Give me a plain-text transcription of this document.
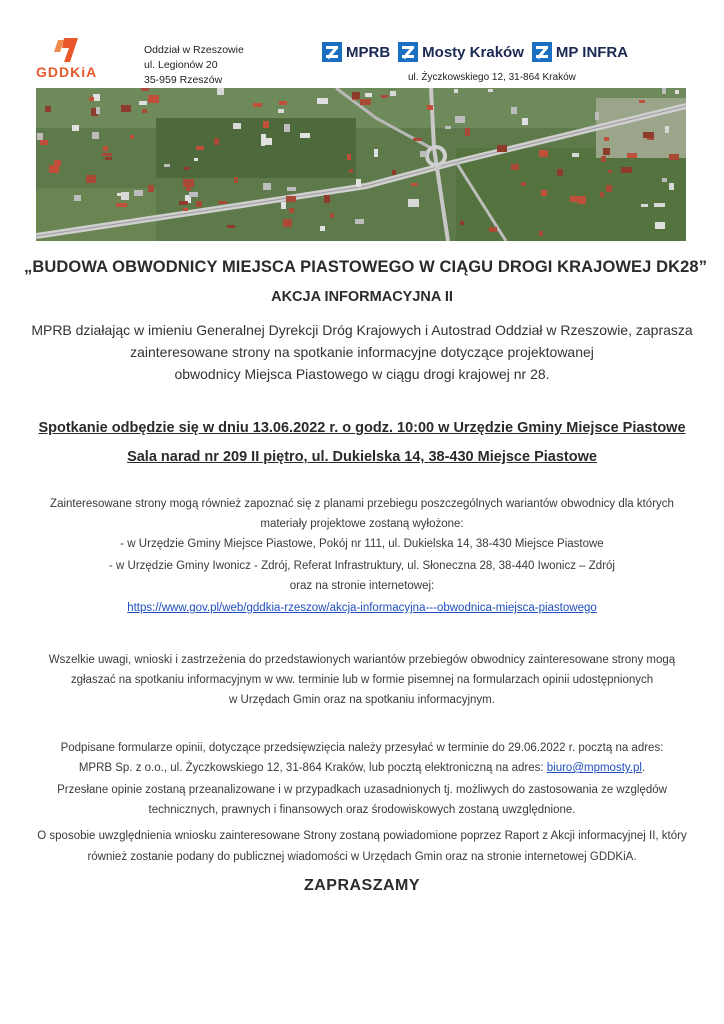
GDDKiA
Oddział w Rzeszowie
ul. Legionów 20
35-959 Rzeszów
MPRB Mosty Kraków MP INFRA
ul. Życzkowskiego 12, 31-864 Kraków
„BUDOWA OBWODNICY MIEJSCA PIASTOWEGO W CIĄGU DROGI KRAJOWEJ DK28”
AKCJA INFORMACYJNA II
MPRB działając w imieniu Generalnej Dyrekcji Dróg Krajowych i Autostrad Oddział w Rzeszowie, zaprasza
zainteresowane strony na spotkanie informacyjne dotyczące projektowanej
obwodnicy Miejsca Piastowego w ciągu drogi krajowej nr 28.
Spotkanie odbędzie się w dniu 13.06.2022 r. o godz. 10:00 w Urzędzie Gminy Miejsce Piastowe
Sala narad nr 209 II piętro, ul. Dukielska 14, 38-430 Miejsce Piastowe
Zainteresowane strony mogą również zapoznać się z planami przebiegu poszczególnych wariantów obwodnicy dla których
materiały projektowe zostaną wyłożone:
- w Urzędzie Gminy Miejsce Piastowe, Pokój nr 111, ul. Dukielska 14, 38-430 Miejsce Piastowe
- w Urzędzie Gminy Iwonicz - Zdrój, Referat Infrastruktury, ul. Słoneczna 28, 38-440 Iwonicz – Zdrój
oraz na stronie internetowej:
https://www.gov.pl/web/gddkia-rzeszow/akcja-informacyjna---obwodnica-miejsca-piastowego
Wszelkie uwagi, wnioski i zastrzeżenia do przedstawionych wariantów przebiegów obwodnicy zainteresowane strony mogą
zgłaszać na spotkaniu informacyjnym w ww. terminie lub w formie pisemnej na formularzach opinii udostępnionych
w Urzędach Gmin oraz na spotkaniu informacyjnym.
Podpisane formularze opinii, dotyczące przedsięwzięcia należy przesyłać w terminie do 29.06.2022 r. pocztą na adres:
MPRB Sp. z o.o., ul. Życzkowskiego 12, 31-864 Kraków, lub pocztą elektroniczną na adres: biuro@mpmosty.pl.
Przesłane opinie zostaną przeanalizowane i w przypadkach uzasadnionych tj. możliwych do zastosowania ze względów
technicznych, prawnych i finansowych oraz środowiskowych zostaną uwzględnione.
O sposobie uwzględnienia wniosku zainteresowane Strony zostaną powiadomione poprzez Raport z Akcji informacyjnej II, który
również zostanie podany do publicznej wiadomości w Urzędach Gmin oraz na stronie internetowej GDDKiA.
ZAPRASZAMY
